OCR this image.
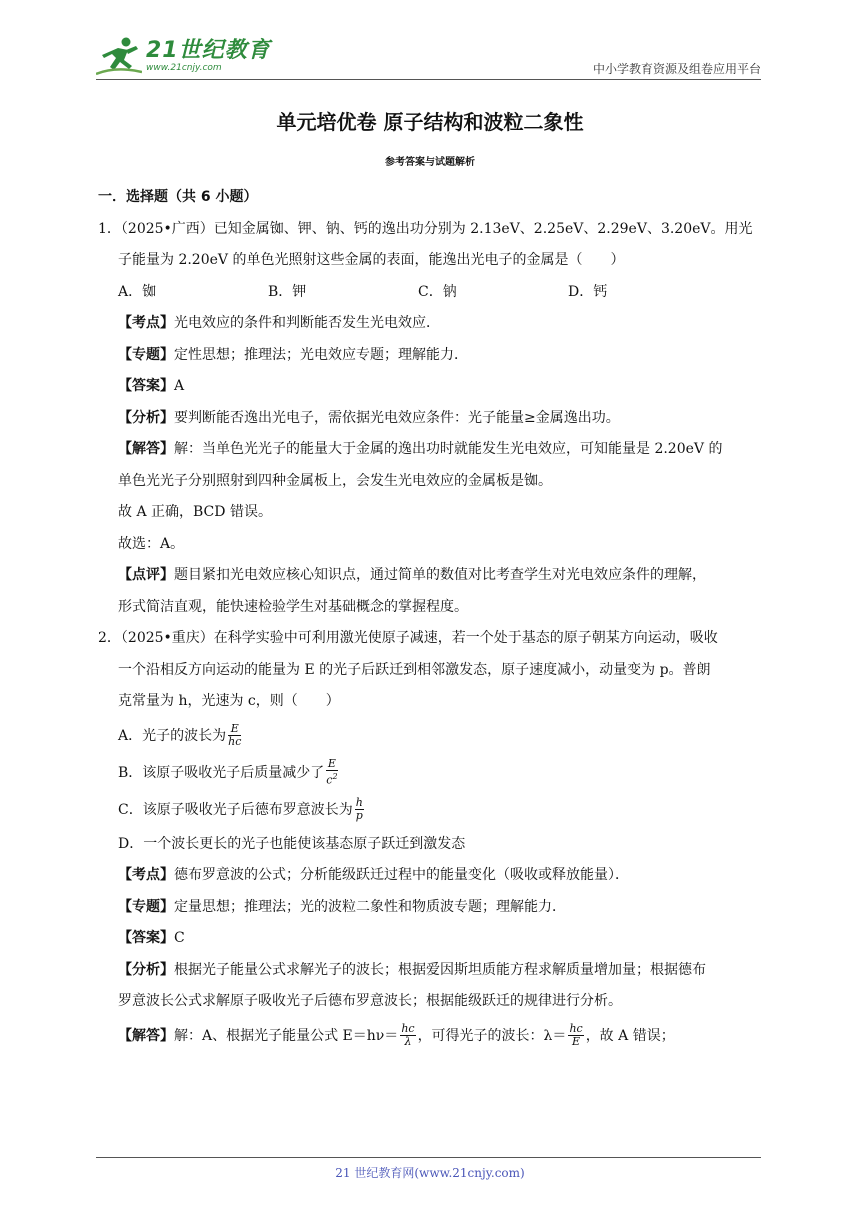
21世纪教育
www.21cnjy.com	中小学教育资源及组卷应用平台
单元培优卷 原子结构和波粒二象性
参考答案与试题解析
一．选择题（共 6 小题）
1．（2025•广西）已知金属铷、钾、钠、钙的逸出功分别为 2.13eV、2.25eV、2.29eV、3.20eV。用光
子能量为 2.20eV 的单色光照射这些金属的表面，能逸出光电子的金属是（　　）
A．铷	B．钾	C．钠	D．钙
【考点】光电效应的条件和判断能否发生光电效应．
【专题】定性思想；推理法；光电效应专题；理解能力．
【答案】A
【分析】要判断能否逸出光电子，需依据光电效应条件：光子能量≥金属逸出功。
【解答】解：当单色光光子的能量大于金属的逸出功时就能发生光电效应，可知能量是 2.20eV 的
单色光光子分别照射到四种金属板上，会发生光电效应的金属板是铷。
故 A 正确，BCD 错误。
故选：A。
【点评】题目紧扣光电效应核心知识点，通过简单的数值对比考查学生对光电效应条件的理解，
形式简洁直观，能快速检验学生对基础概念的掌握程度。
2．（2025•重庆）在科学实验中可利用激光使原子减速，若一个处于基态的原子朝某方向运动，吸收
一个沿相反方向运动的能量为 E 的光子后跃迁到相邻激发态，原子速度减小，动量变为 p。普朗
克常量为 h，光速为 c，则（　　）
A．光子的波长为 $\frac{E}{hc}$
B．该原子吸收光子后质量减少了 $\frac{E}{c^2}$
C．该原子吸收光子后德布罗意波长为 $\frac{h}{p}$
D．一个波长更长的光子也能使该基态原子跃迁到激发态
【考点】德布罗意波的公式；分析能级跃迁过程中的能量变化（吸收或释放能量）．
【专题】定量思想；推理法；光的波粒二象性和物质波专题；理解能力．
【答案】C
【分析】根据光子能量公式求解光子的波长；根据爱因斯坦质能方程求解质量增加量；根据德布
罗意波长公式求解原子吸收光子后德布罗意波长；根据能级跃迁的规律进行分析。
【解答】解：A、根据光子能量公式 $E=h\nu= \frac{hc}{\lambda}$ ，可得光子的波长：$\lambda= \frac{hc}{E}$ ，故 A 错误；
21 世纪教育网(www.21cnjy.com)
